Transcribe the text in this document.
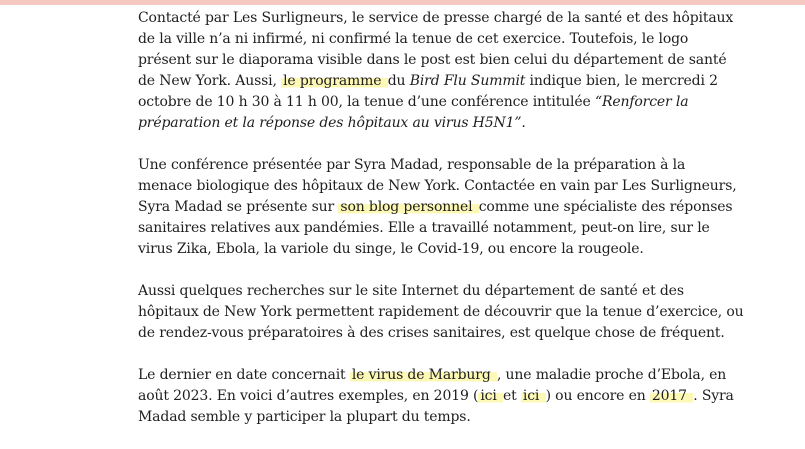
Contacté par Les Surligneurs, le service de presse chargé de la santé et des hôpitaux
de la ville n’a ni infirmé, ni confirmé la tenue de cet exercice. Toutefois, le logo
présent sur le diaporama visible dans le post est bien celui du département de santé
de New York. Aussi, le programme du Bird Flu Summit indique bien, le mercredi 2
octobre de 10 h 30 à 11 h 00, la tenue d’une conférence intitulée “Renforcer la
préparation et la réponse des hôpitaux au virus H5N1”.

Une conférence présentée par Syra Madad, responsable de la préparation à la
menace biologique des hôpitaux de New York. Contactée en vain par Les Surligneurs,
Syra Madad se présente sur son blog personnel comme une spécialiste des réponses
sanitaires relatives aux pandémies. Elle a travaillé notamment, peut-on lire, sur le
virus Zika, Ebola, la variole du singe, le Covid-19, ou encore la rougeole.

Aussi quelques recherches sur le site Internet du département de santé et des
hôpitaux de New York permettent rapidement de découvrir que la tenue d’exercice, ou
de rendez-vous préparatoires à des crises sanitaires, est quelque chose de fréquent.

Le dernier en date concernait le virus de Marburg , une maladie proche d’Ebola, en
août 2023. En voici d’autres exemples, en 2019 ( ici et ici ) ou encore en 2017 . Syra
Madad semble y participer la plupart du temps.
